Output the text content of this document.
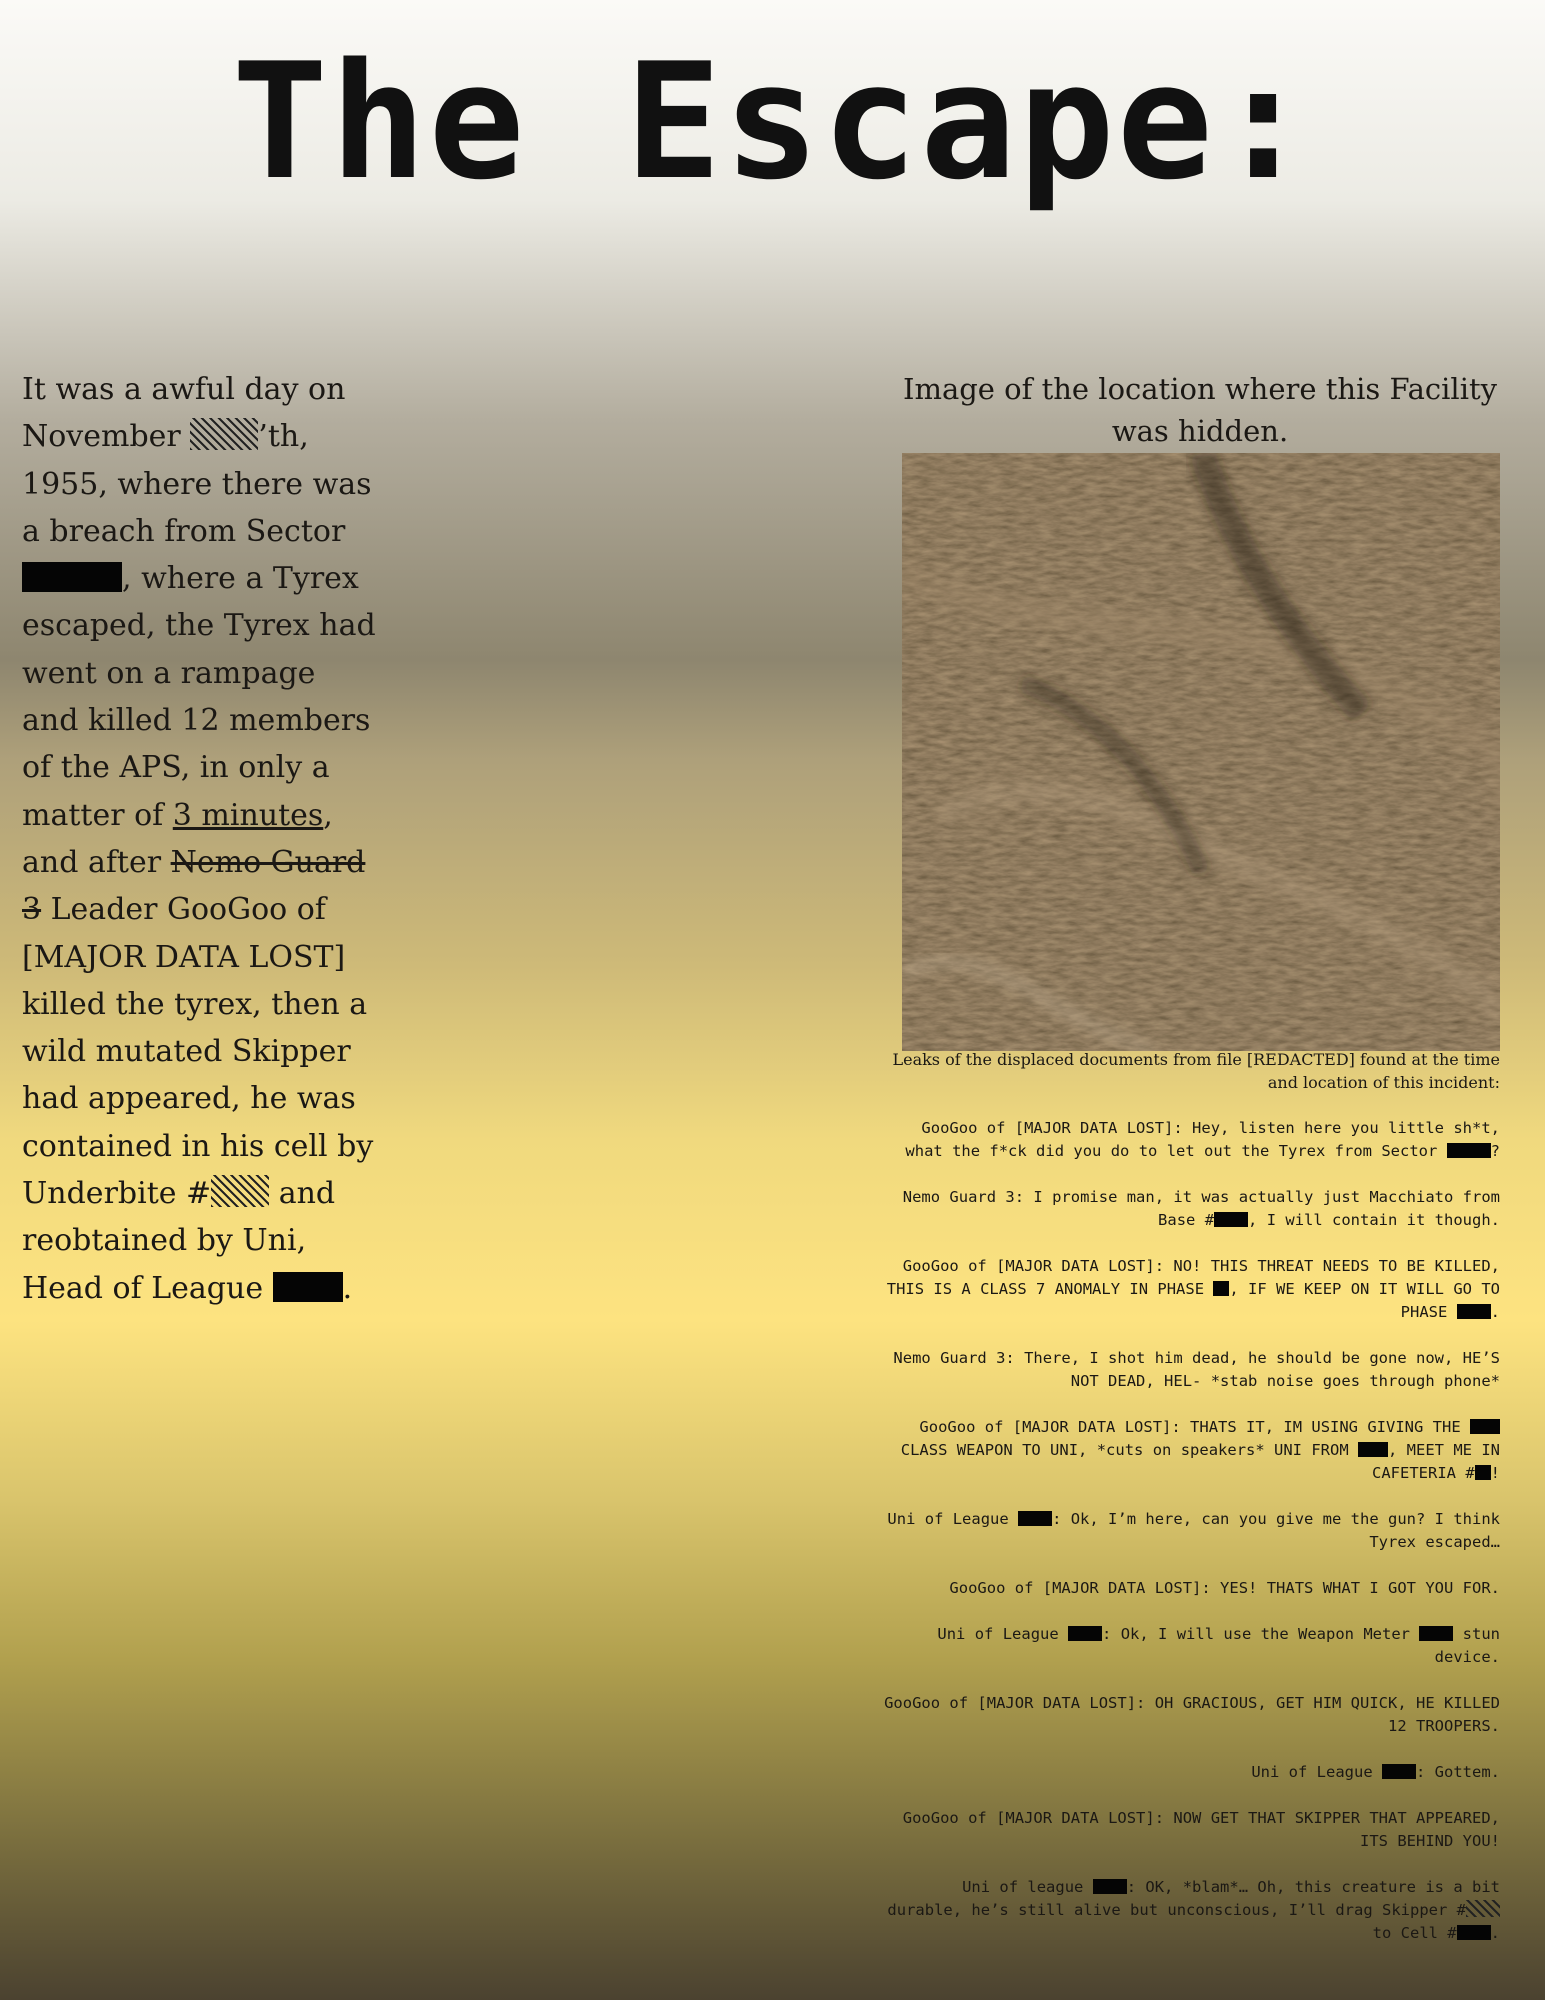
The Escape:

It was a awful day on November ’th, 1955, where there was a breach from Sector , where a Tyrex escaped, the Tyrex had went on a rampage and killed 12 members of the APS, in only a matter of 3 minutes, and after Nemo Guard 3 Leader GooGoo of [MAJOR DATA LOST] killed the tyrex, then a wild mutated Skipper had appeared, he was contained in his cell by Underbite # and reobtained by Uni, Head of League .

Image of the location where this Facility was hidden.

Leaks of the displaced documents from file [REDACTED] found at the time and location of this incident:

GooGoo of [MAJOR DATA LOST]: Hey, listen here you little sh*t, what the f*ck did you do to let out the Tyrex from Sector	?

Nemo Guard 3: I promise man, it was actually just Macchiato from Base # , I will contain it though.

GooGoo of [MAJOR DATA LOST]: NO! THIS THREAT NEEDS TO BE KILLED, THIS IS A CLASS 7 ANOMALY IN PHASE , IF WE KEEP ON IT WILL GO TO PHASE .

Nemo Guard 3: There, I shot him dead, he should be gone now, HE’S NOT DEAD, HEL- *stab noise goes through phone*

GooGoo of [MAJOR DATA LOST]: THATS IT, IM USING GIVING THE  CLASS WEAPON TO UNI, *cuts on speakers* UNI FROM , MEET ME IN CAFETERIA # !

Uni of League : Ok, I’m here, can you give me the gun? I think Tyrex escaped…

GooGoo of [MAJOR DATA LOST]: YES! THATS WHAT I GOT YOU FOR.

Uni of League : Ok, I will use the Weapon Meter  stun device.

GooGoo of [MAJOR DATA LOST]: OH GRACIOUS, GET HIM QUICK, HE KILLED 12 TROOPERS.

Uni of League : Gottem.

GooGoo of [MAJOR DATA LOST]: NOW GET THAT SKIPPER THAT APPEARED, ITS BEHIND YOU!

Uni of league : OK, *blam*… Oh, this creature is a bit durable, he’s still alive but unconscious, I’ll drag Skipper # to Cell # .
